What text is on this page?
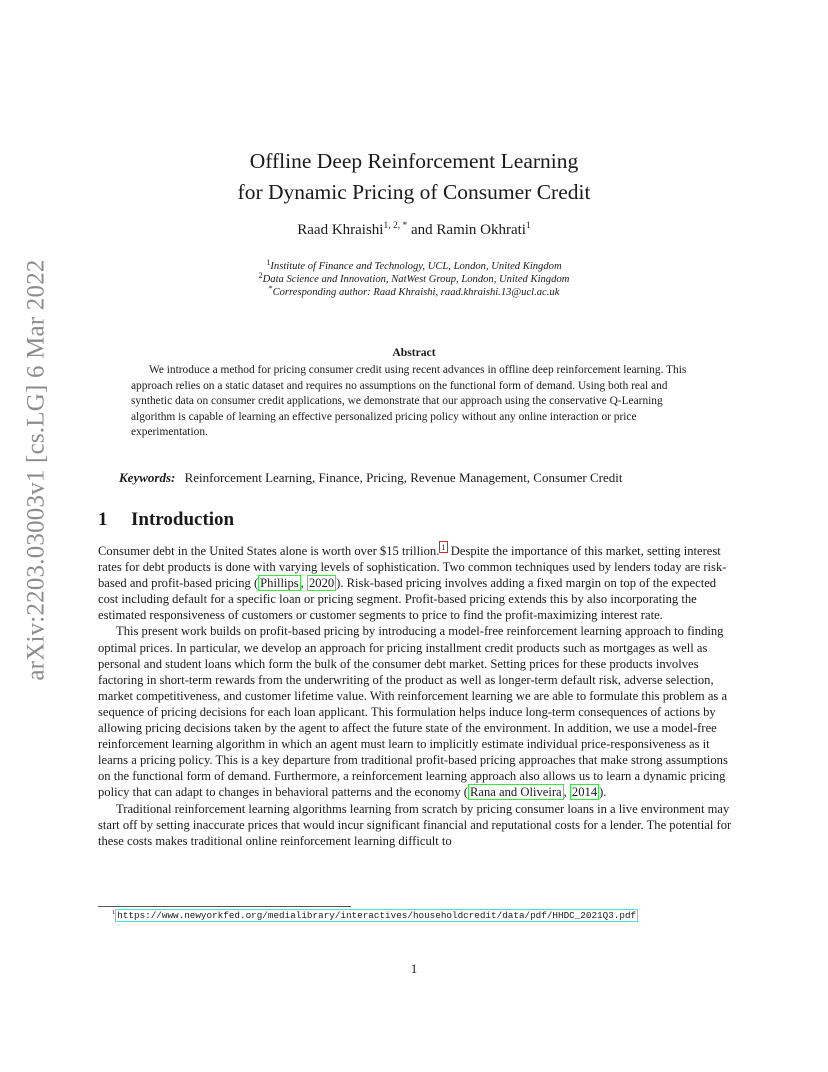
arXiv:2203.03003v1 [cs.LG] 6 Mar 2022
Offline Deep Reinforcement Learning
for Dynamic Pricing of Consumer Credit
Raad Khraishi$^{1, 2, *}$ and Ramin Okhrati$^1$
$^1$Institute of Finance and Technology, UCL, London, United Kingdom
$^2$Data Science and Innovation, NatWest Group, London, United Kingdom
*Corresponding author: Raad Khraishi, raad.khraishi.13@ucl.ac.uk
Abstract
We introduce a method for pricing consumer credit using recent advances in offline deep reinforcement learning. This approach relies on a static dataset and requires no assumptions on the functional form of demand. Using both real and synthetic data on consumer credit applications, we demonstrate that our approach using the conservative Q-Learning algorithm is capable of learning an effective personalized pricing policy without any online interaction or price experimentation.
Keywords: Reinforcement Learning, Finance, Pricing, Revenue Management, Consumer Credit
1 Introduction

Consumer debt in the United States alone is worth over $15 trillion. $^1$ Despite the importance of this market, setting interest rates for debt products is done with varying levels of sophistication. Two common techniques used by lenders today are risk-based and profit-based pricing ( Phillips , 2020 ). Risk-based pricing involves adding a fixed margin on top of the expected cost including default for a specific loan or pricing segment. Profit-based pricing extends this by also incorporating the estimated responsiveness of customers or customer segments to price to find the profit-maximizing interest rate.

This present work builds on profit-based pricing by introducing a model-free reinforcement learning approach to finding optimal prices. In particular, we develop an approach for pricing installment credit products such as mortgages as well as personal and student loans which form the bulk of the consumer debt market. Setting prices for these products involves factoring in short-term rewards from the underwriting of the product as well as longer-term default risk, adverse selection, market competitiveness, and customer lifetime value. With reinforcement learning we are able to formulate this problem as a sequence of pricing decisions for each loan applicant. This formulation helps induce long-term consequences of actions by allowing pricing decisions taken by the agent to affect the future state of the environment. In addition, we use a model-free reinforcement learning algorithm in which an agent must learn to implicitly estimate individual price-responsiveness as it learns a pricing policy. This is a key departure from traditional profit-based pricing approaches that make strong assumptions on the functional form of demand. Furthermore, a reinforcement learning approach also allows us to learn a dynamic pricing policy that can adapt to changes in behavioral patterns and the economy ( Rana and Oliveira , 2014 ).

Traditional reinforcement learning algorithms learning from scratch by pricing consumer loans in a live environment may start off by setting inaccurate prices that would incur significant financial and reputational costs for a lender. The potential for these costs makes traditional online reinforcement learning difficult to

$^1$ https://www.newyorkfed.org/medialibrary/interactives/householdcredit/data/pdf/HHDC_2021Q3.pdf
1
